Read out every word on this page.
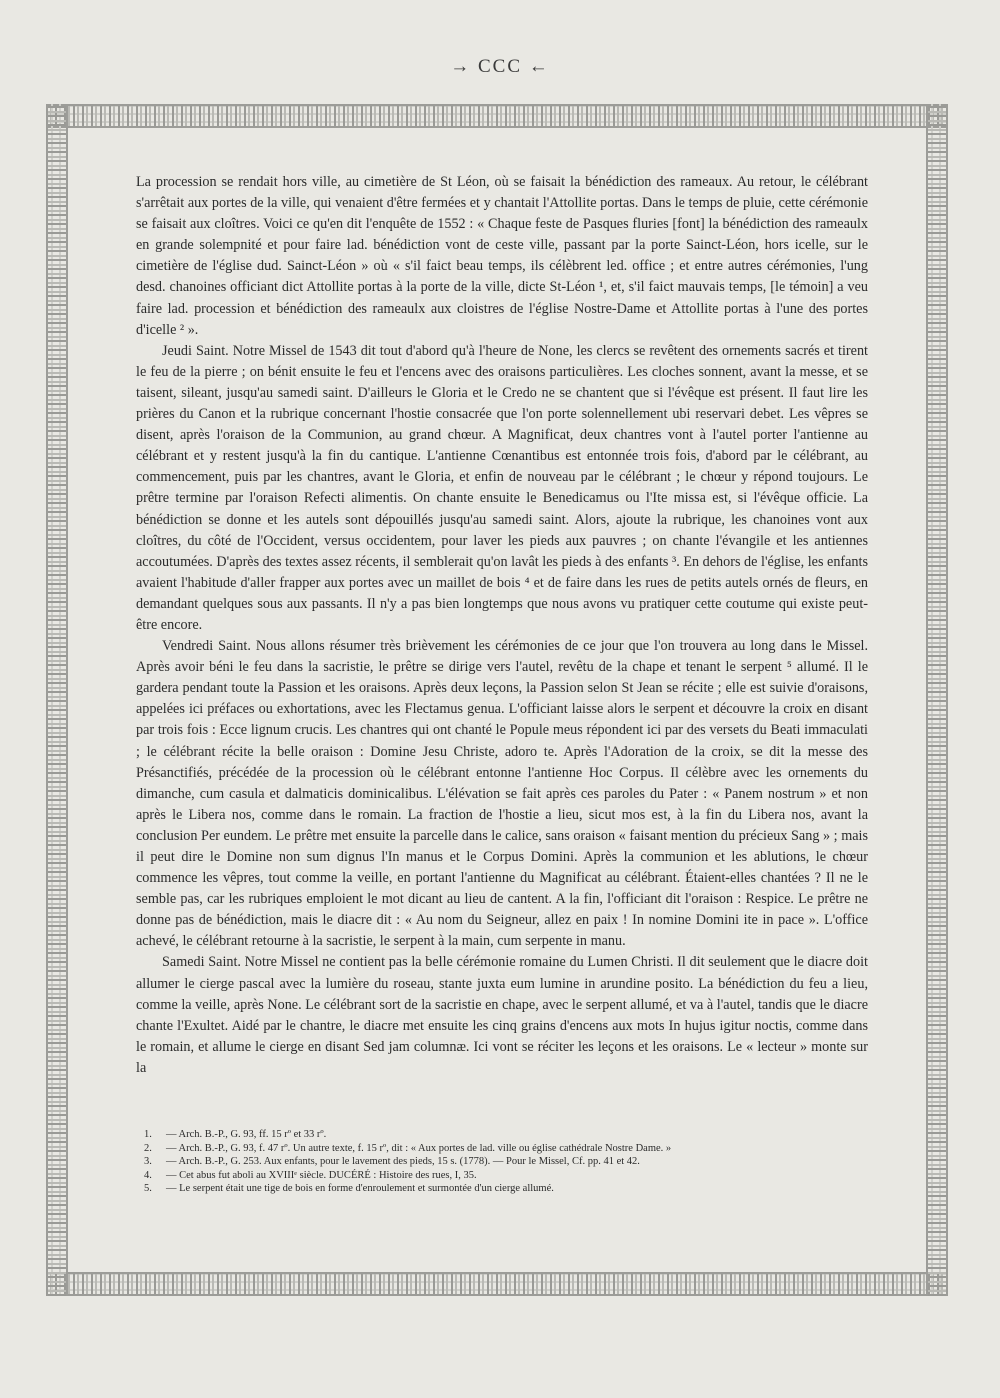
→ CCC ←

La procession se rendait hors ville, au cimetière de St Léon, où se faisait la bénédiction des rameaux. Au retour, le célébrant s'arrêtait aux portes de la ville, qui venaient d'être fermées et y chantait l'Attollite portas. Dans le temps de pluie, cette cérémonie se faisait aux cloîtres. Voici ce qu'en dit l'enquête de 1552 : « Chaque feste de Pasques fluries [font] la bénédiction des rameaulx en grande solempnité et pour faire lad. bénédiction vont de ceste ville, passant par la porte Sainct-Léon, hors icelle, sur le cimetière de l'église dud. Sainct-Léon » où « s'il faict beau temps, ils célèbrent led. office ; et entre autres cérémonies, l'ung desd. chanoines officiant dict Attollite portas à la porte de la ville, dicte St-Léon ¹, et, s'il faict mauvais temps, [le témoin] a veu faire lad. procession et bénédiction des rameaulx aux cloistres de l'église Nostre-Dame et Attollite portas à l'une des portes d'icelle ² ».

Jeudi Saint. Notre Missel de 1543 dit tout d'abord qu'à l'heure de None, les clercs se revêtent des ornements sacrés et tirent le feu de la pierre ; on bénit ensuite le feu et l'encens avec des oraisons particulières. Les cloches sonnent, avant la messe, et se taisent, sileant, jusqu'au samedi saint. D'ailleurs le Gloria et le Credo ne se chantent que si l'évêque est présent. Il faut lire les prières du Canon et la rubrique concernant l'hostie consacrée que l'on porte solennellement ubi reservari debet. Les vêpres se disent, après l'oraison de la Communion, au grand chœur. A Magnificat, deux chantres vont à l'autel porter l'antienne au célébrant et y restent jusqu'à la fin du cantique. L'antienne Cœnantibus est entonnée trois fois, d'abord par le célébrant, au commencement, puis par les chantres, avant le Gloria, et enfin de nouveau par le célébrant ; le chœur y répond toujours. Le prêtre termine par l'oraison Refecti alimentis. On chante ensuite le Benedicamus ou l'Ite missa est, si l'évêque officie. La bénédiction se donne et les autels sont dépouillés jusqu'au samedi saint. Alors, ajoute la rubrique, les chanoines vont aux cloîtres, du côté de l'Occident, versus occidentem, pour laver les pieds aux pauvres ; on chante l'évangile et les antiennes accoutumées. D'après des textes assez récents, il semblerait qu'on lavât les pieds à des enfants ³. En dehors de l'église, les enfants avaient l'habitude d'aller frapper aux portes avec un maillet de bois ⁴ et de faire dans les rues de petits autels ornés de fleurs, en demandant quelques sous aux passants. Il n'y a pas bien longtemps que nous avons vu pratiquer cette coutume qui existe peut-être encore.

Vendredi Saint. Nous allons résumer très brièvement les cérémonies de ce jour que l'on trouvera au long dans le Missel. Après avoir béni le feu dans la sacristie, le prêtre se dirige vers l'autel, revêtu de la chape et tenant le serpent ⁵ allumé. Il le gardera pendant toute la Passion et les oraisons. Après deux leçons, la Passion selon St Jean se récite ; elle est suivie d'oraisons, appelées ici préfaces ou exhortations, avec les Flectamus genua. L'officiant laisse alors le serpent et découvre la croix en disant par trois fois : Ecce lignum crucis. Les chantres qui ont chanté le Popule meus répondent ici par des versets du Beati immaculati ; le célébrant récite la belle oraison : Domine Jesu Christe, adoro te. Après l'Adoration de la croix, se dit la messe des Présanctifiés, précédée de la procession où le célébrant entonne l'antienne Hoc Corpus. Il célèbre avec les ornements du dimanche, cum casula et dalmaticis dominicalibus. L'élévation se fait après ces paroles du Pater : « Panem nostrum » et non après le Libera nos, comme dans le romain. La fraction de l'hostie a lieu, sicut mos est, à la fin du Libera nos, avant la conclusion Per eundem. Le prêtre met ensuite la parcelle dans le calice, sans oraison « faisant mention du précieux Sang » ; mais il peut dire le Domine non sum dignus l'In manus et le Corpus Domini. Après la communion et les ablutions, le chœur commence les vêpres, tout comme la veille, en portant l'antienne du Magnificat au célébrant. Étaient-elles chantées ? Il ne le semble pas, car les rubriques emploient le mot dicant au lieu de cantent. A la fin, l'officiant dit l'oraison : Respice. Le prêtre ne donne pas de bénédiction, mais le diacre dit : « Au nom du Seigneur, allez en paix ! In nomine Domini ite in pace ». L'office achevé, le célébrant retourne à la sacristie, le serpent à la main, cum serpente in manu.

Samedi Saint. Notre Missel ne contient pas la belle cérémonie romaine du Lumen Christi. Il dit seulement que le diacre doit allumer le cierge pascal avec la lumière du roseau, stante juxta eum lumine in arundine posito. La bénédiction du feu a lieu, comme la veille, après None. Le célébrant sort de la sacristie en chape, avec le serpent allumé, et va à l'autel, tandis que le diacre chante l'Exultet. Aidé par le chantre, le diacre met ensuite les cinq grains d'encens aux mots In hujus igitur noctis, comme dans le romain, et allume le cierge en disant Sed jam columnæ. Ici vont se réciter les leçons et les oraisons. Le « lecteur » monte sur la

1. — Arch. B.-P., G. 93, ff. 15 rº et 33 rº.

2. — Arch. B.-P., G. 93, f. 47 rº. Un autre texte, f. 15 rº, dit : « Aux portes de lad. ville ou église cathédrale Nostre Dame. »

3. — Arch. B.-P., G. 253. Aux enfants, pour le lavement des pieds, 15 s. (1778). — Pour le Missel, Cf. pp. 41 et 42.

4. — Cet abus fut aboli au XVIIIᵉ siècle. DUCÉRÉ : Histoire des rues, I, 35.

5. — Le serpent était une tige de bois en forme d'enroulement et surmontée d'un cierge allumé.
